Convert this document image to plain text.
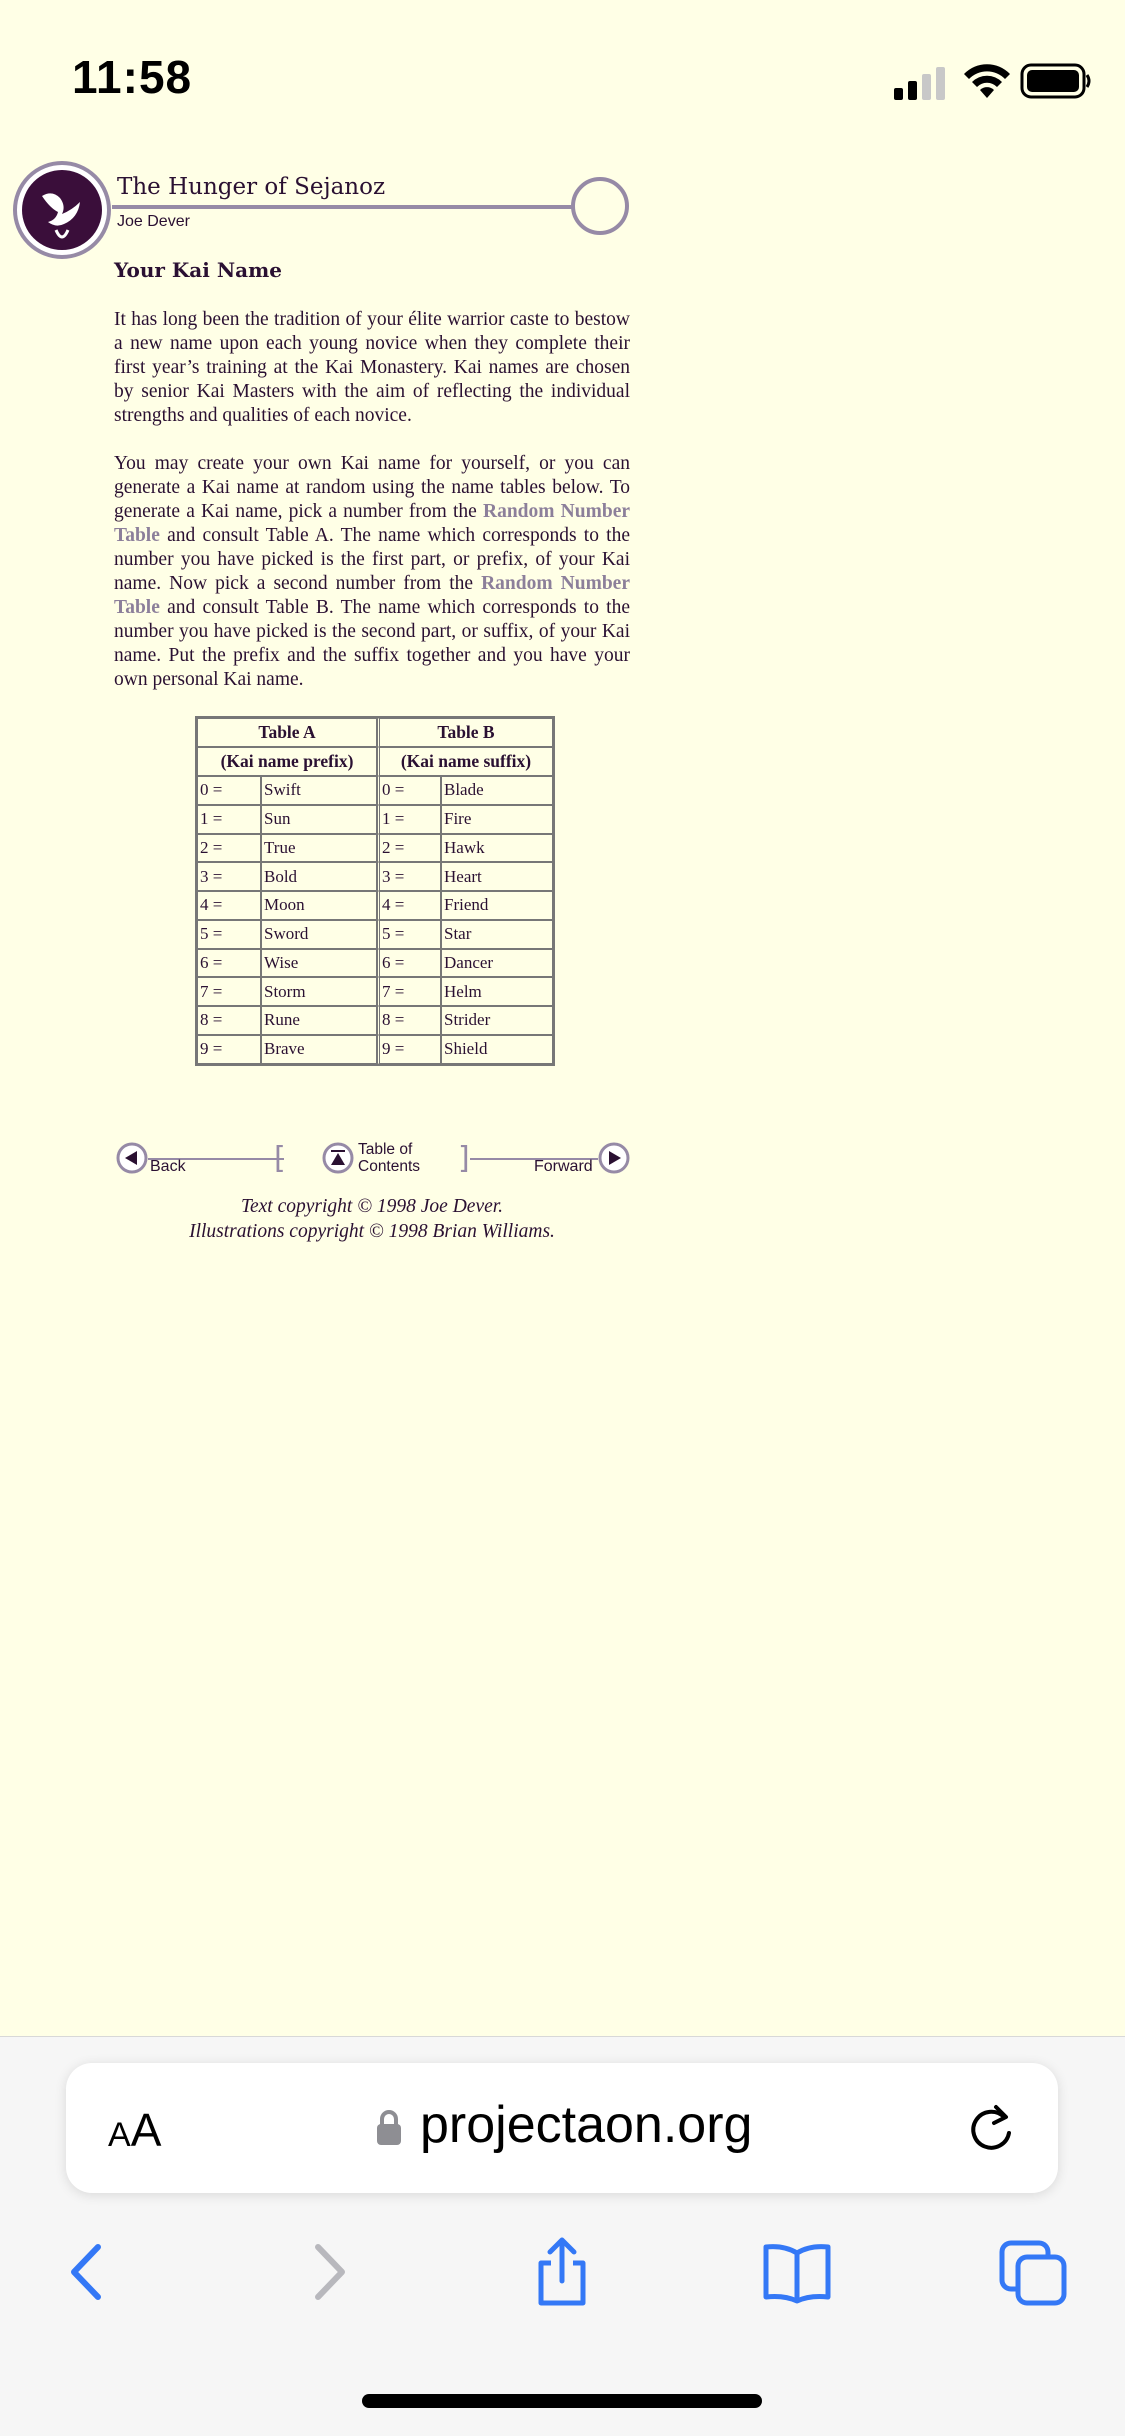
11:58
The Hunger of Sejanoz
Joe Dever
Your Kai Name

It has long been the tradition of your élite warrior caste to bestow a new name upon each young novice when they complete their first year’s training at the Kai Monastery. Kai names are chosen by senior Kai Masters with the aim of reflecting the individual strengths and qualities of each novice.

You may create your own Kai name for yourself, or you can generate a Kai name at random using the name tables below. To generate a Kai name, pick a number from the Random Number Table and consult Table A. The name which corresponds to the number you have picked is the first part, or prefix, of your Kai name. Now pick a second number from the Random Number Table and consult Table B. The name which corresponds to the number you have picked is the second part, or suffix, of your Kai name. Put the prefix and the suffix together and you have your own personal Kai name.

Table A		Table B	
(Kai name prefix)		(Kai name suffix)	
0 =	Swift	0 =	Blade
1 =	Sun	1 =	Fire
2 =	True	2 =	Hawk
3 =	Bold	3 =	Heart
4 =	Moon	4 =	Friend
5 =	Sword	5 =	Star
6 =	Wise	6 =	Dancer
7 =	Storm	7 =	Helm
8 =	Rune	8 =	Strider
9 =	Brave	9 =	Shield
Back	[	Table of
Contents ]	Forward
Text copyright © 1998 Joe Dever.
Illustrations copyright © 1998 Brian Williams.
AA	projectaon.org
